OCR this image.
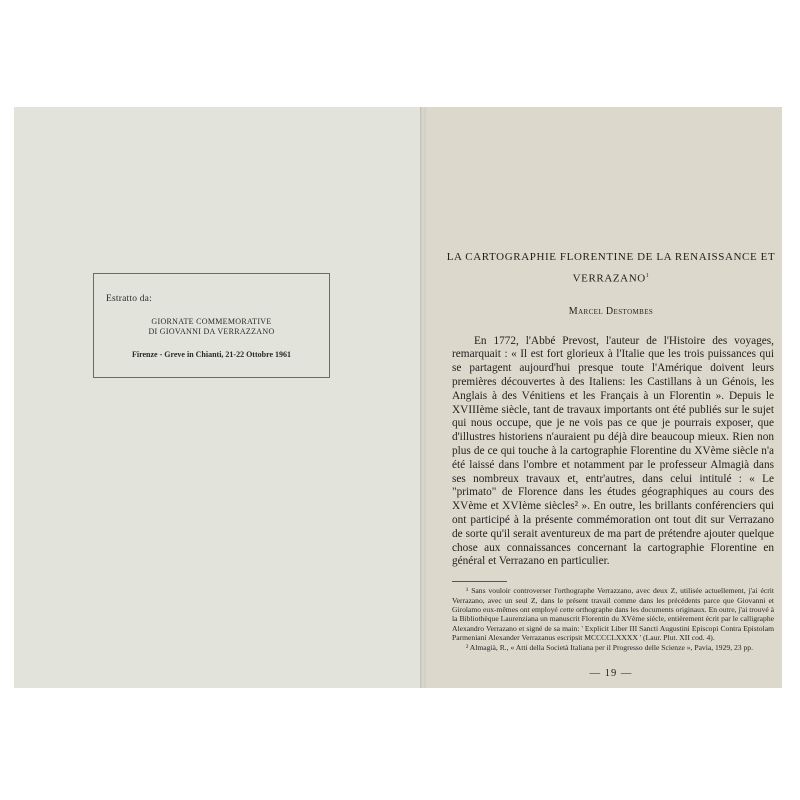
Estratto da:
GIORNATE COMMEMORATIVE
DI GIOVANNI DA VERRAZZANO
Firenze - Greve in Chianti, 21-22 Ottobre 1961
LA CARTOGRAPHIE FLORENTINE DE LA RENAISSANCE ET
VERRAZANO$^1$
Marcel Destombes

En 1772, l'Abbé Prevost, l'auteur de l'Histoire des voyages, remarquait : « Il est fort glorieux à l'Italie que les trois puissances qui se partagent aujourd'hui presque toute l'Amérique doivent leurs premières découvertes à des Italiens: les Castillans à un Génois, les Anglais à des Vénitiens et les Français à un Florentin ». Depuis le XVIIIème siècle, tant de travaux importants ont été publiés sur le sujet qui nous occupe, que je ne vois pas ce que je pourrais exposer, que d'illustres historiens n'auraient pu déjà dire beaucoup mieux. Rien non plus de ce qui touche à la cartographie Florentine du XVème siècle n'a été laissé dans l'ombre et notamment par le professeur Almagià dans ses nombreux travaux et, entr'autres, dans celui intitulé : « Le "primato" de Florence dans les études géographiques au cours des XVème et XVIème siècles² ». En outre, les brillants conférenciers qui ont participé à la présente commémoration ont tout dit sur Verrazano de sorte qu'il serait aventureux de ma part de prétendre ajouter quelque chose aux connaissances concernant la cartographie Florentine en général et Verrazano en particulier.

¹ Sans vouloir controverser l'orthographe Verrazzano, avec deux Z, utilisée actuellement, j'ai écrit Verrazano, avec un seul Z, dans le présent travail comme dans les précédents parce que Giovanni et Girolamo eux-mêmes ont employé cette orthographe dans les documents originaux. En outre, j'ai trouvé à la Bibliothèque Laurenziana un manuscrit Florentin du XVème siècle, entièrement écrit par le calligraphe Alexandro Verrazano et signé de sa main: ' Explicit Liber III Sancti Augustini Episcopi Contra Epistolam Parmeniani Alexander Verrazanus escripsit MCCCCLXXXX ' (Laur. Plut. XII cod. 4).

² Almagià, R., « Atti della Società Italiana per il Progresso delle Scienze », Pavia, 1929, 23 pp.

— 19 —
